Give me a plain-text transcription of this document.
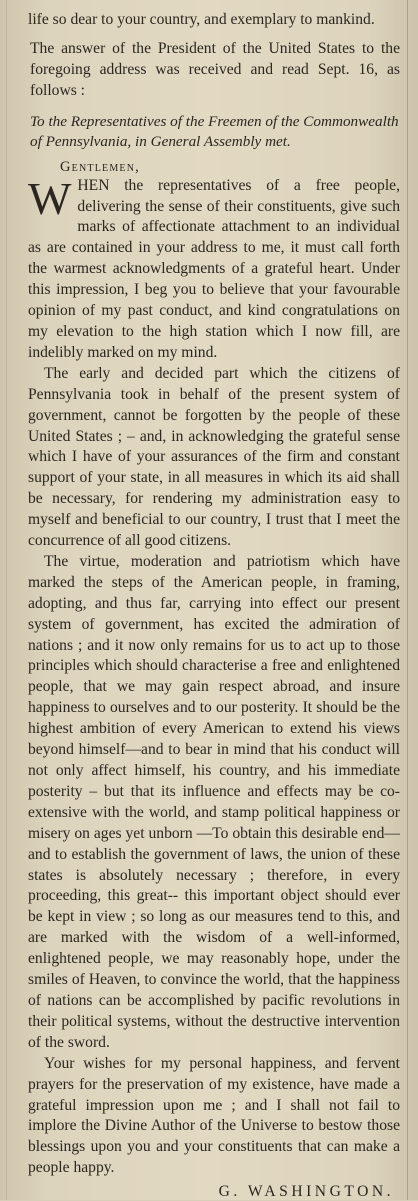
life so dear to your country, and exemplary to mankind.

The answer of the President of the United States to the foregoing address was received and read Sept. 16, as follows :

To the Representatives of the Freemen of the Commonwealth of Pennsylvania, in General Assembly met.

Gentlemen,

WHEN the representatives of a free people, delivering the sense of their constituents, give such marks of affectionate attachment to an individual as are contained in your address to me, it must call forth the warmest acknowledgments of a grateful heart. Under this impression, I beg you to believe that your favourable opinion of my past conduct, and kind congratulations on my elevation to the high station which I now fill, are indelibly marked on my mind.

The early and decided part which the citizens of Pennsylvania took in behalf of the present system of government, cannot be forgotten by the people of these United States ; – and, in acknowledging the grateful sense which I have of your assurances of the firm and constant support of your state, in all measures in which its aid shall be necessary, for rendering my administration easy to myself and beneficial to our country, I trust that I meet the concurrence of all good citizens.

The virtue, moderation and patriotism which have marked the steps of the American people, in framing, adopting, and thus far, carrying into effect our present system of government, has excited the admiration of nations ; and it now only remains for us to act up to those principles which should characterise a free and enlightened people, that we may gain respect abroad, and insure happiness to ourselves and to our posterity. It should be the highest ambition of every American to extend his views beyond himself—and to bear in mind that his conduct will not only affect himself, his country, and his immediate posterity – but that its influence and effects may be co-extensive with the world, and stamp political happiness or misery on ages yet unborn —To obtain this desirable end—and to establish the government of laws, the union of these states is absolutely necessary ; therefore, in every proceeding, this great-- this important object should ever be kept in view ; so long as our measures tend to this, and are marked with the wisdom of a well-informed, enlightened people, we may reasonably hope, under the smiles of Heaven, to convince the world, that the happiness of nations can be accomplished by pacific revolutions in their political systems, without the destructive intervention of the sword.

Your wishes for my personal happiness, and fervent prayers for the preservation of my existence, have made a grateful impression upon me ; and I shall not fail to implore the Divine Author of the Universe to bestow those blessings upon you and your constituents that can make a people happy.

G. WASHINGTON.
